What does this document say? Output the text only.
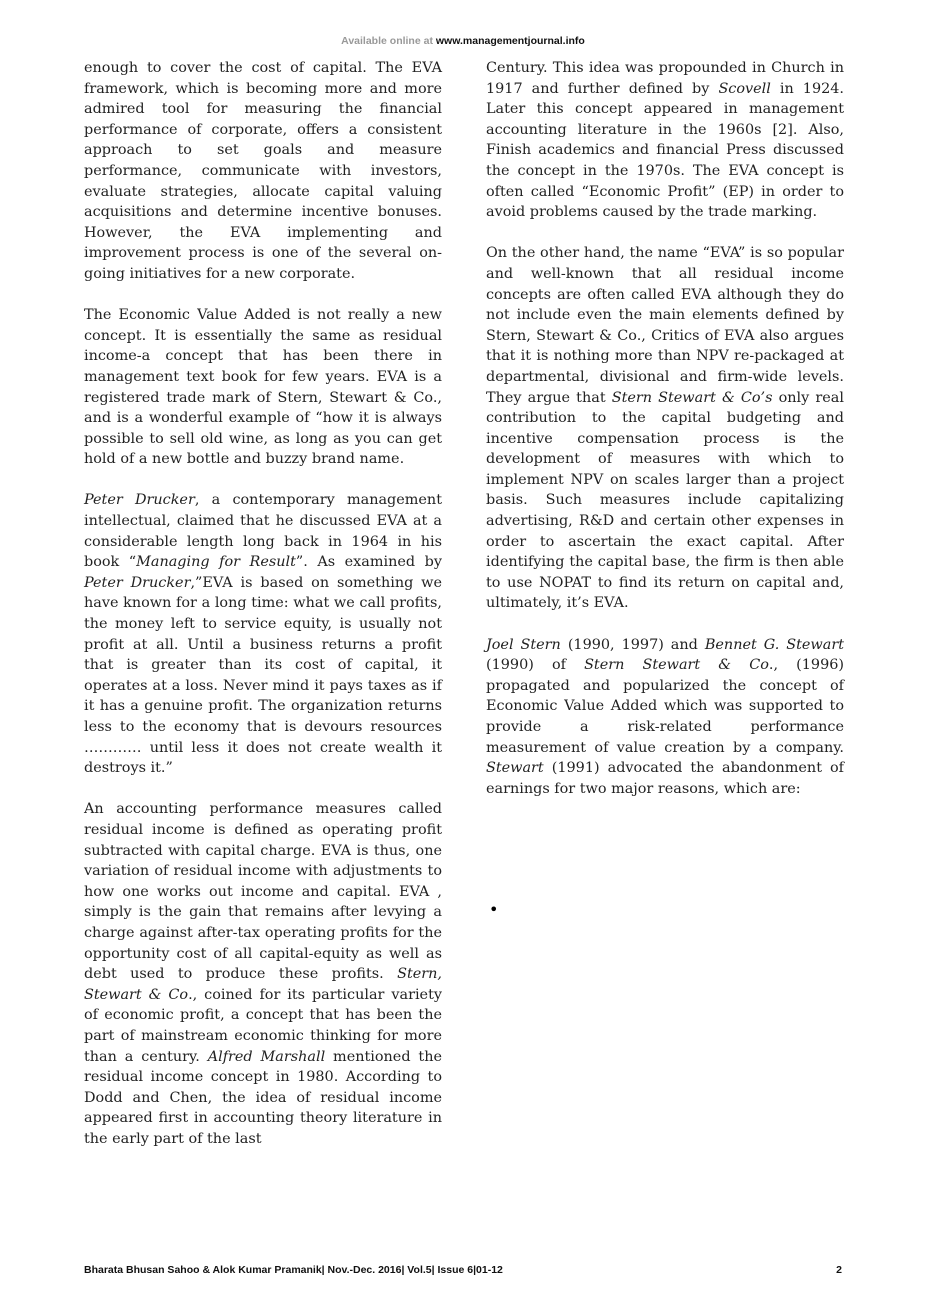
Available online at www.managementjournal.info

enough to cover the cost of capital. The EVA framework, which is becoming more and more admired tool for measuring the financial performance of corporate, offers a consistent approach to set goals and measure performance, communicate with investors, evaluate strategies, allocate capital valuing acquisitions and determine incentive bonuses. However, the EVA implementing and improvement process is one of the several on-going initiatives for a new corporate.

The Economic Value Added is not really a new concept. It is essentially the same as residual income-a concept that has been there in management text book for few years. EVA is a registered trade mark of Stern, Stewart & Co., and is a wonderful example of “how it is always possible to sell old wine, as long as you can get hold of a new bottle and buzzy brand name.

Peter Drucker, a contemporary management intellectual, claimed that he discussed EVA at a considerable length long back in 1964 in his book “Managing for Result”. As examined by Peter Drucker,”EVA is based on something we have known for a long time: what we call profits, the money left to service equity, is usually not profit at all. Until a business returns a profit that is greater than its cost of capital, it operates at a loss. Never mind it pays taxes as if it has a genuine profit. The organization returns less to the economy that is devours resources ………… until less it does not create wealth it destroys it.”

An accounting performance measures called residual income is defined as operating profit subtracted with capital charge. EVA is thus, one variation of residual income with adjustments to how one works out income and capital. EVA , simply is the gain that remains after levying a charge against after-tax operating profits for the opportunity cost of all capital-equity as well as debt used to produce these profits. Stern, Stewart & Co., coined for its particular variety of economic profit, a concept that has been the part of mainstream economic thinking for more than a century. Alfred Marshall mentioned the residual income concept in 1980. According to Dodd and Chen, the idea of residual income appeared first in accounting theory literature in the early part of the last

Century. This idea was propounded in Church in 1917 and further defined by Scovell in 1924. Later this concept appeared in management accounting literature in the 1960s [2]. Also, Finish academics and financial Press discussed the concept in the 1970s. The EVA concept is often called “Economic Profit” (EP) in order to avoid problems caused by the trade marking.

On the other hand, the name “EVA” is so popular and well-known that all residual income concepts are often called EVA although they do not include even the main elements defined by Stern, Stewart & Co., Critics of EVA also argues that it is nothing more than NPV re-packaged at departmental, divisional and firm-wide levels. They argue that Stern Stewart & Co’s only real contribution to the capital budgeting and incentive compensation process is the development of measures with which to implement NPV on scales larger than a project basis. Such measures include capitalizing advertising, R&D and certain other expenses in order to ascertain the exact capital. After identifying the capital base, the firm is then able to use NOPAT to find its return on capital and, ultimately, it’s EVA.

Joel Stern (1990, 1997) and Bennet G. Stewart (1990) of Stern Stewart & Co., (1996) propagated and popularized the concept of Economic Value Added which was supported to provide a risk-related performance measurement of value creation by a company. Stewart (1991) advocated the abandonment of earnings for two major reasons, which are:

•
Bharata Bhusan Sahoo & Alok Kumar Pramanik| Nov.-Dec. 2016| Vol.5| Issue 6|01-12	2
